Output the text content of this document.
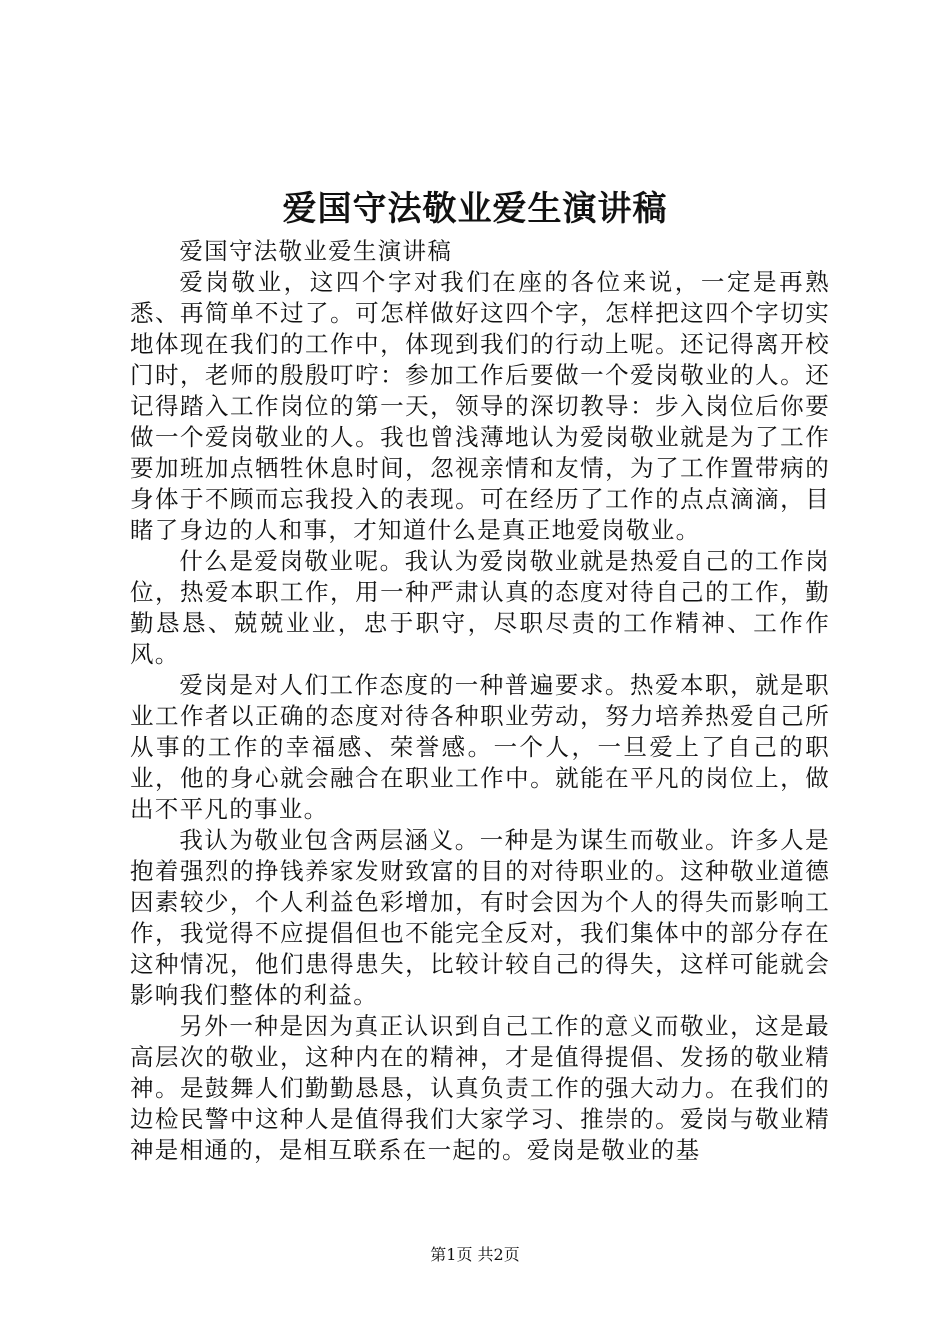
爱国守法敬业爱生演讲稿

爱国守法敬业爱生演讲稿

爱岗敬业，这四个字对我们在座的各位来说，一定是再熟悉、再简单不过了。可怎样做好这四个字，怎样把这四个字切实地体现在我们的工作中，体现到我们的行动上呢。还记得离开校门时，老师的殷殷叮咛：参加工作后要做一个爱岗敬业的人。还记得踏入工作岗位的第一天，领导的深切教导：步入岗位后你要做一个爱岗敬业的人。我也曾浅薄地认为爱岗敬业就是为了工作要加班加点牺牲休息时间，忽视亲情和友情，为了工作置带病的身体于不顾而忘我投入的表现。可在经历了工作的点点滴滴，目睹了身边的人和事，才知道什么是真正地爱岗敬业。

什么是爱岗敬业呢。我认为爱岗敬业就是热爱自己的工作岗位，热爱本职工作，用一种严肃认真的态度对待自己的工作，勤勤恳恳、兢兢业业，忠于职守，尽职尽责的工作精神、工作作风。

爱岗是对人们工作态度的一种普遍要求。热爱本职，就是职业工作者以正确的态度对待各种职业劳动，努力培养热爱自己所从事的工作的幸福感、荣誉感。一个人，一旦爱上了自己的职业，他的身心就会融合在职业工作中。就能在平凡的岗位上，做出不平凡的事业。

我认为敬业包含两层涵义。一种是为谋生而敬业。许多人是抱着强烈的挣钱养家发财致富的目的对待职业的。这种敬业道德因素较少，个人利益色彩增加，有时会因为个人的得失而影响工作，我觉得不应提倡但也不能完全反对，我们集体中的部分存在这种情况，他们患得患失，比较计较自己的得失，这样可能就会影响我们整体的利益。

另外一种是因为真正认识到自己工作的意义而敬业，这是最高层次的敬业，这种内在的精神，才是值得提倡、发扬的敬业精神。是鼓舞人们勤勤恳恳，认真负责工作的强大动力。在我们的边检民警中这种人是值得我们大家学习、推崇的。爱岗与敬业精神是相通的，是相互联系在一起的。爱岗是敬业的基

第1页 共2页
